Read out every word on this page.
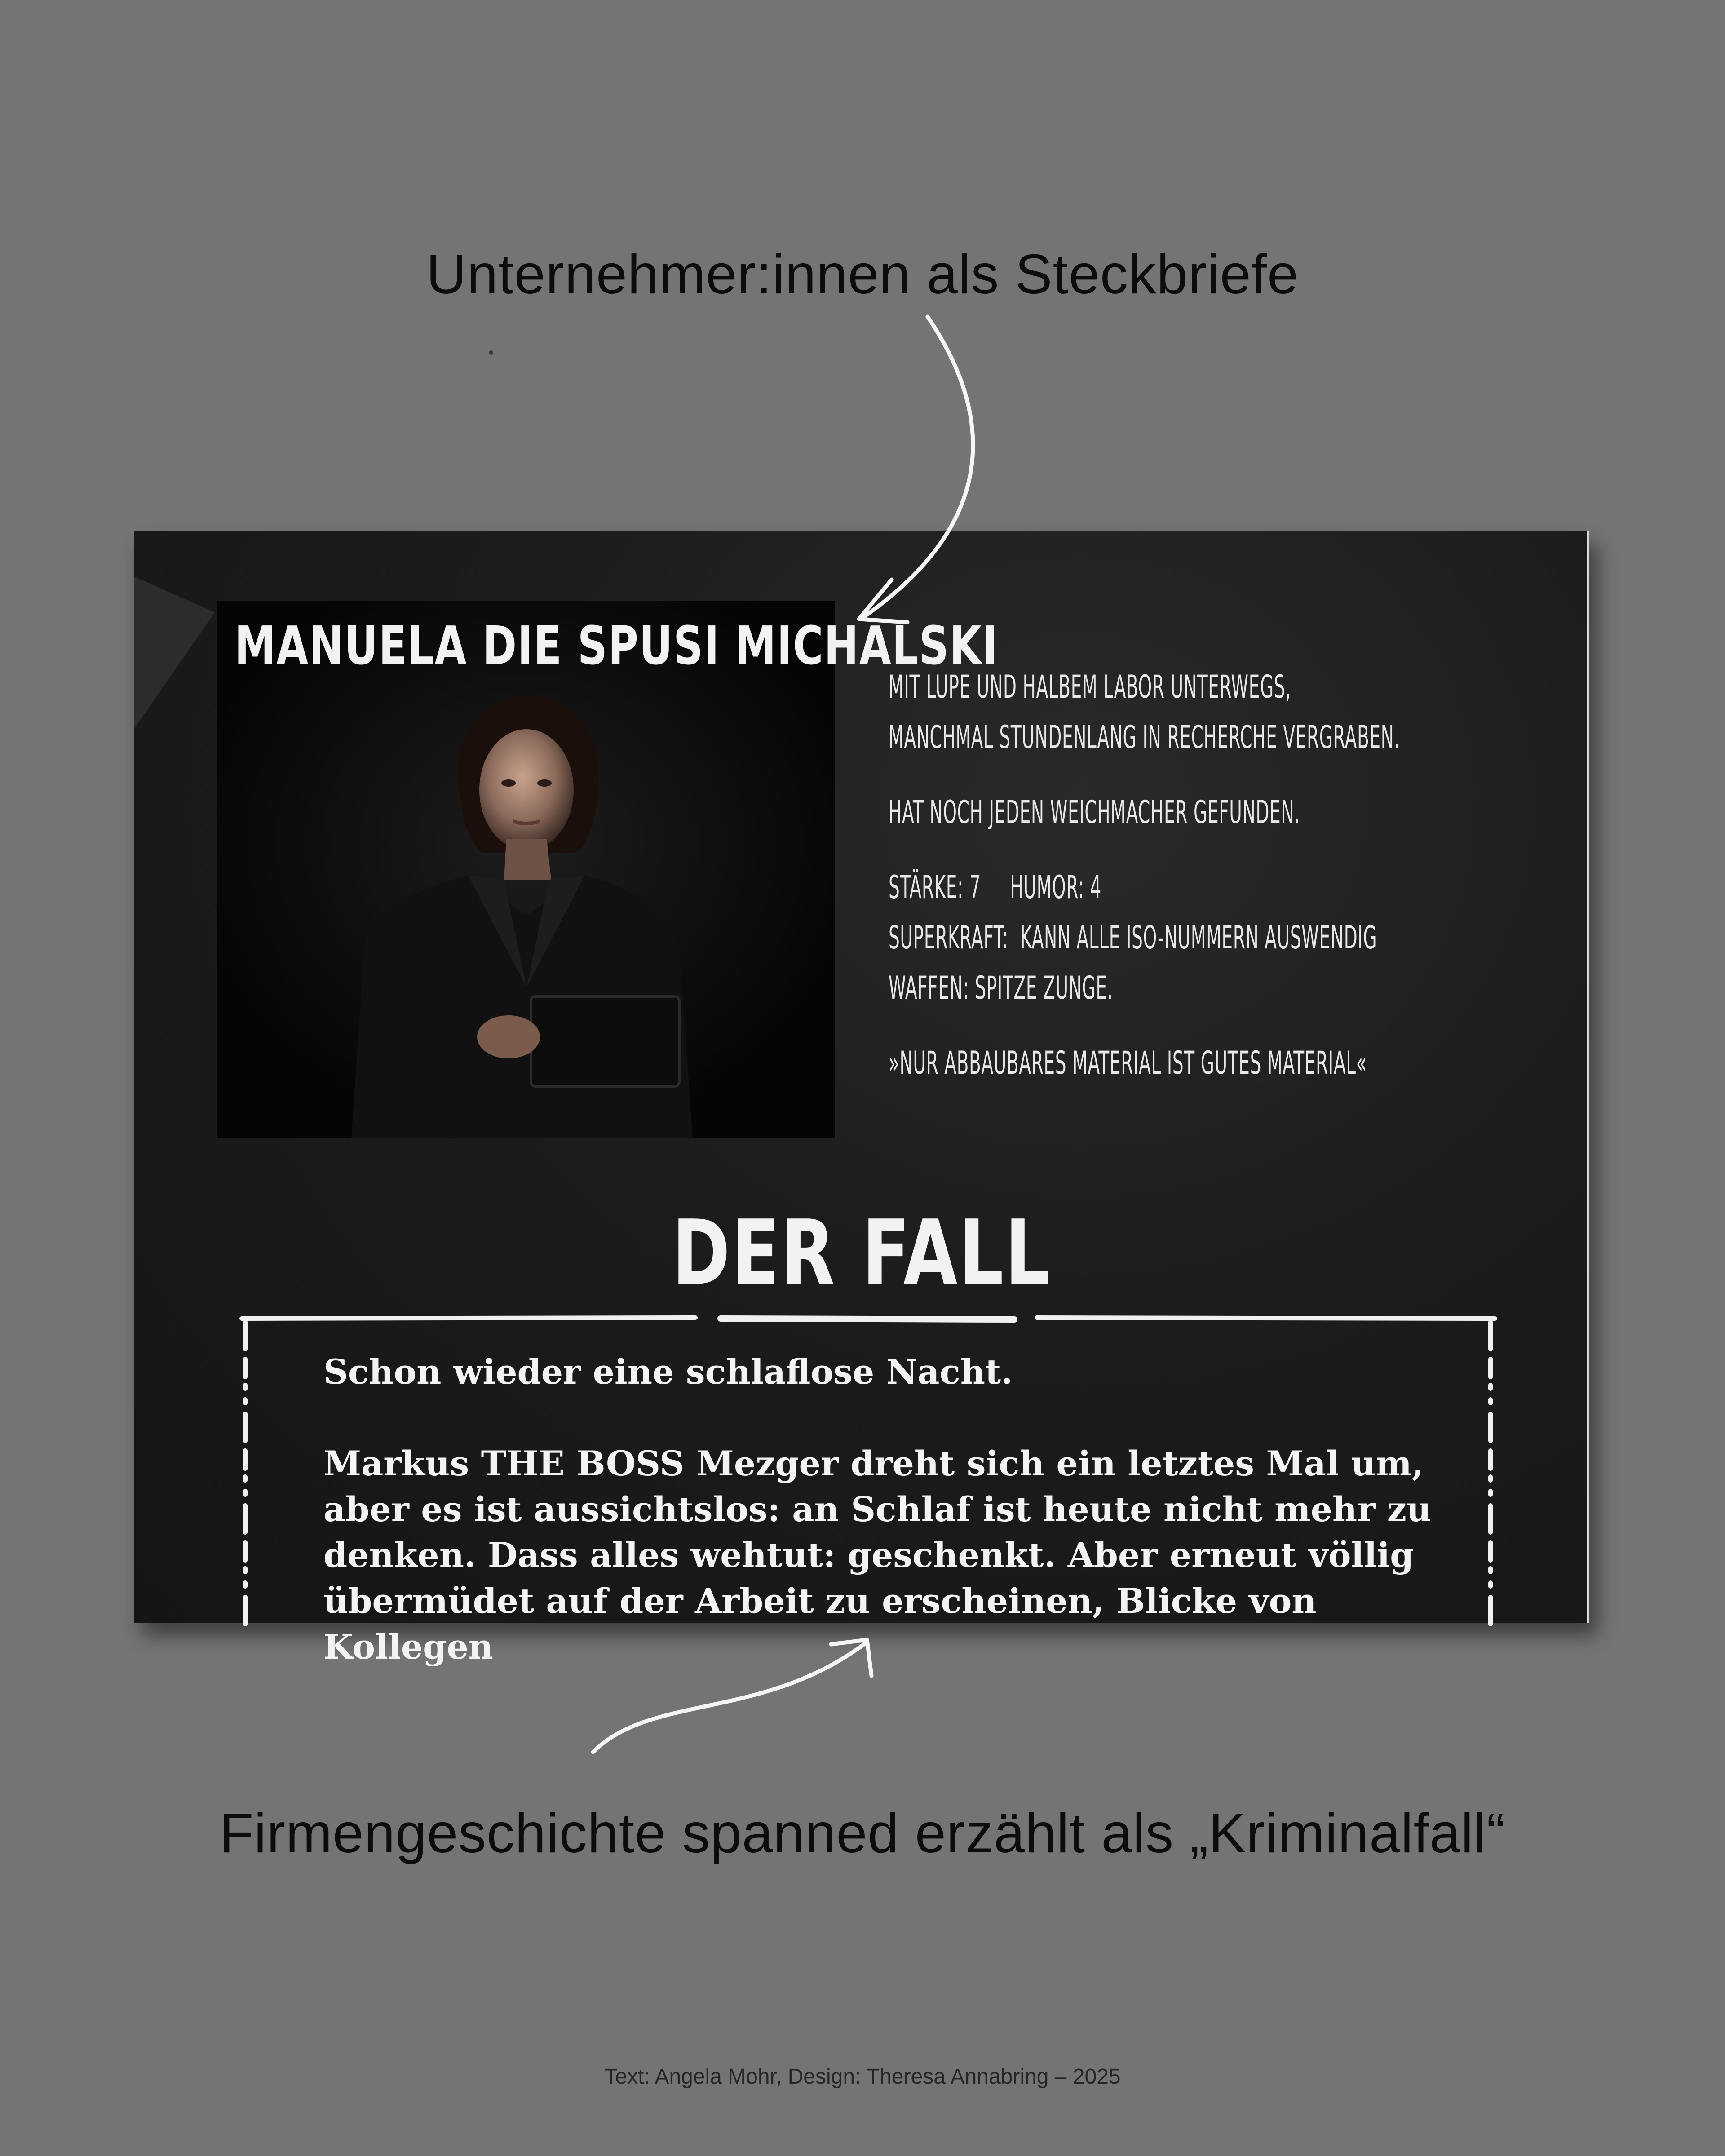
Unternehmer:innen als Steckbriefe
MANUELA DIE SPUSI MICHALSKI
MIT LUPE UND HALBEM LABOR UNTERWEGS,
MANCHMAL STUNDENLANG IN RECHERCHE VERGRABEN.
HAT NOCH JEDEN WEICHMACHER GEFUNDEN.
STÄRKE: 7     HUMOR: 4
SUPERKRAFT:  KANN ALLE ISO-NUMMERN AUSWENDIG
WAFFEN: SPITZE ZUNGE.
»NUR ABBAUBARES MATERIAL IST GUTES MATERIAL«
DER FALL

Schon wieder eine schlaflose Nacht.

Markus THE BOSS Mezger dreht sich ein letztes Mal um, aber es ist aussichtslos: an Schlaf ist heute nicht mehr zu denken. Dass alles wehtut: geschenkt. Aber erneut völlig übermüdet auf der Arbeit zu erscheinen, Blicke von Kollegen

Firmengeschichte spanned erzählt als „Kriminalfall“
Text: Angela Mohr, Design: Theresa Annabring – 2025
